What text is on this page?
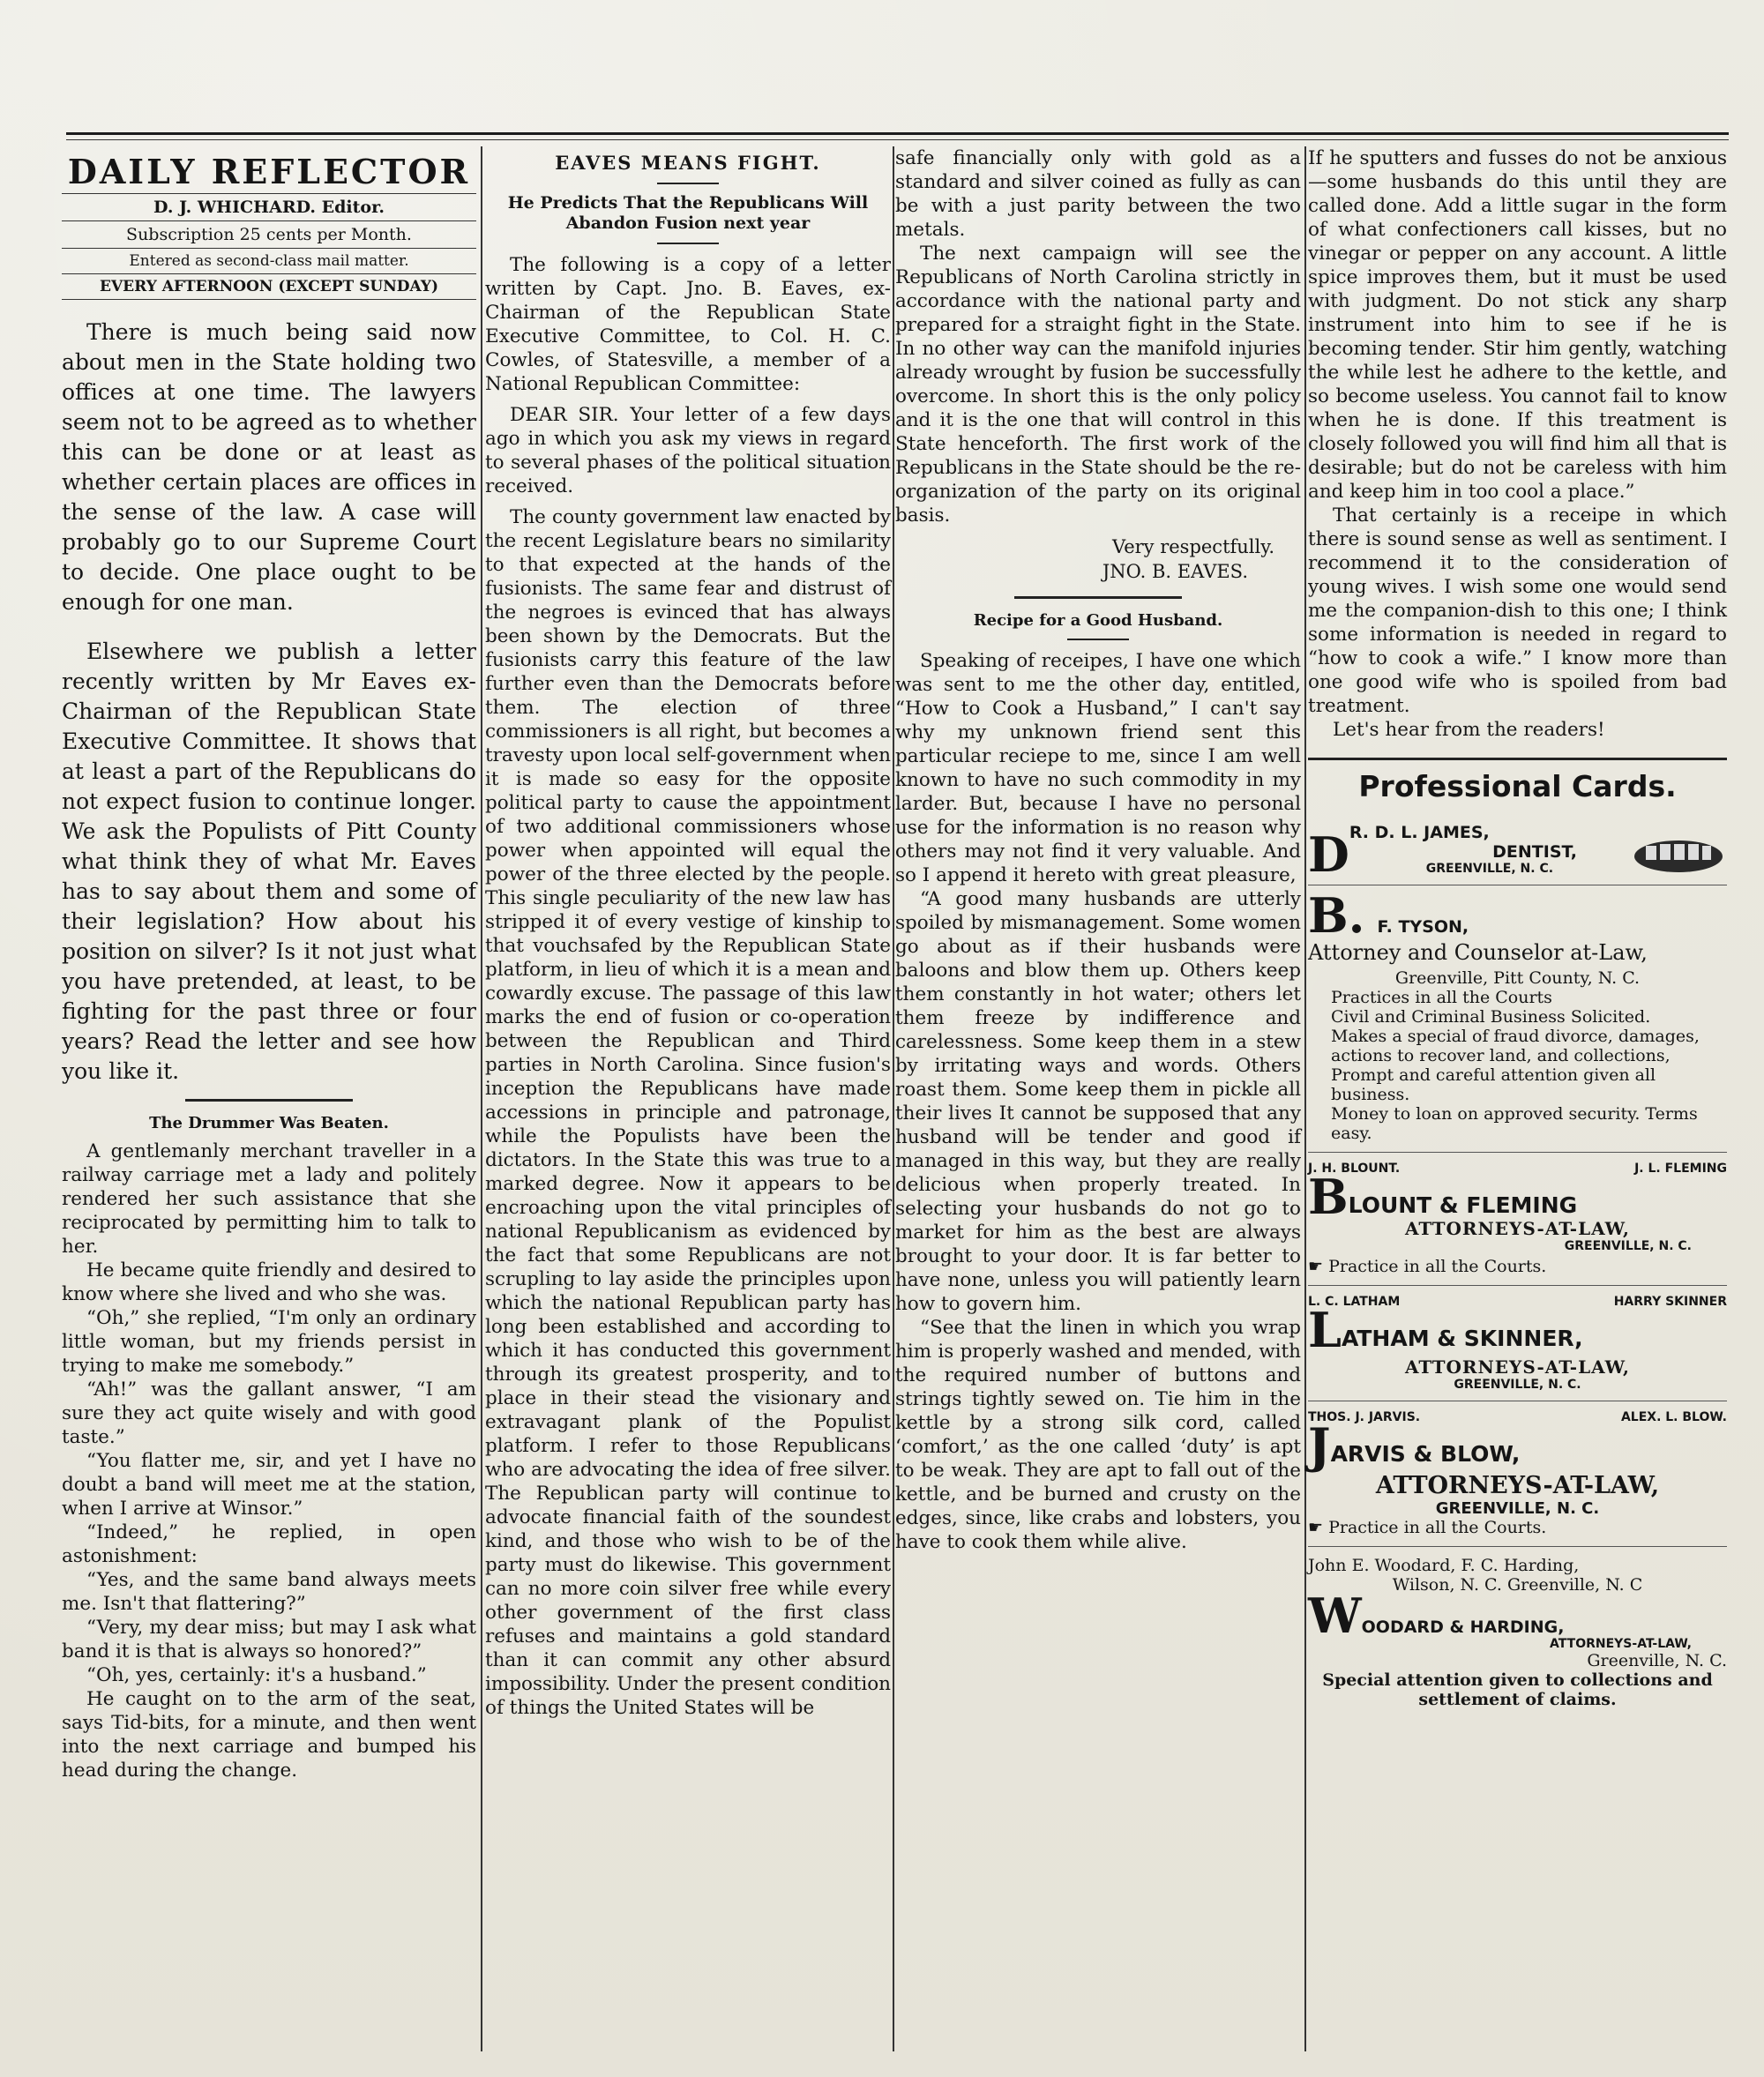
DAILY REFLECTOR
D. J. WHICHARD. Editor.
Subscription 25 cents per Month.
Entered as second-class mail matter.
EVERY AFTERNOON (EXCEPT SUNDAY)

There is much being said now about men in the State holding two offices at one time. The lawyers seem not to be agreed as to whether this can be done or at least as whether certain places are offices in the sense of the law. A case will probably go to our Supreme Court to decide. One place ought to be enough for one man.

Elsewhere we publish a letter recently written by Mr Eaves ex-Chairman of the Republican State Executive Committee. It shows that at least a part of the Republicans do not expect fusion to continue longer. We ask the Populists of Pitt County what think they of what Mr. Eaves has to say about them and some of their legislation? How about his position on silver? Is it not just what you have pretended, at least, to be fighting for the past three or four years? Read the letter and see how you like it.

The Drummer Was Beaten.

A gentlemanly merchant traveller in a railway carriage met a lady and politely rendered her such assistance that she reciprocated by permitting him to talk to her.

He became quite friendly and desired to know where she lived and who she was.

“Oh,” she replied, “I'm only an ordinary little woman, but my friends persist in trying to make me somebody.”

“Ah!” was the gallant answer, “I am sure they act quite wisely and with good taste.”

“You flatter me, sir, and yet I have no doubt a band will meet me at the station, when I arrive at Winsor.”

“Indeed,” he replied, in open astonishment:

“Yes, and the same band always meets me. Isn't that flattering?”

“Very, my dear miss; but may I ask what band it is that is always so honored?”

“Oh, yes, certainly: it's a husband.”

He caught on to the arm of the seat, says Tid-bits, for a minute, and then went into the next carriage and bumped his head during the change.

EAVES MEANS FIGHT.
He Predicts That the Republicans Will Abandon Fusion next year

The following is a copy of a letter written by Capt. Jno. B. Eaves, ex-Chairman of the Republican State Executive Committee, to Col. H. C. Cowles, of Statesville, a member of a National Republican Committee:

DEAR SIR. Your letter of a few days ago in which you ask my views in regard to several phases of the political situation received.

The county government law enacted by the recent Legislature bears no similarity to that expected at the hands of the fusionists. The same fear and distrust of the negroes is evinced that has always been shown by the Democrats. But the fusionists carry this feature of the law further even than the Democrats before them. The election of three commissioners is all right, but becomes a travesty upon local self-government when it is made so easy for the opposite political party to cause the appointment of two additional commissioners whose power when appointed will equal the power of the three elected by the people. This single peculiarity of the new law has stripped it of every vestige of kinship to that vouchsafed by the Republican State platform, in lieu of which it is a mean and cowardly excuse. The passage of this law marks the end of fusion or co-operation between the Republican and Third parties in North Carolina. Since fusion's inception the Republicans have made accessions in principle and patronage, while the Populists have been the dictators. In the State this was true to a marked degree. Now it appears to be encroaching upon the vital principles of national Republicanism as evidenced by the fact that some Republicans are not scrupling to lay aside the principles upon which the national Republican party has long been established and according to which it has conducted this government through its greatest prosperity, and to place in their stead the visionary and extravagant plank of the Populist platform. I refer to those Republicans who are advocating the idea of free silver. The Republican party will continue to advocate financial faith of the soundest kind, and those who wish to be of the party must do likewise. This government can no more coin silver free while every other government of the first class refuses and maintains a gold standard than it can commit any other absurd impossibility. Under the present condition of things the United States will be

safe financially only with gold as a standard and silver coined as fully as can be with a just parity between the two metals.

The next campaign will see the Republicans of North Carolina strictly in accordance with the national party and prepared for a straight fight in the State. In no other way can the manifold injuries already wrought by fusion be successfully overcome. In short this is the only policy and it is the one that will control in this State henceforth. The first work of the Republicans in the State should be the re-organization of the party on its original basis.

Very respectfully.
JNO. B. EAVES.
Recipe for a Good Husband.

Speaking of receipes, I have one which was sent to me the other day, entitled, “How to Cook a Husband,” I can't say why my unknown friend sent this particular reciepe to me, since I am well known to have no such commodity in my larder. But, because I have no personal use for the information is no reason why others may not find it very valuable. And so I append it hereto with great pleasure,

“A good many husbands are utterly spoiled by mismanagement. Some women go about as if their husbands were baloons and blow them up. Others keep them constantly in hot water; others let them freeze by indifference and carelessness. Some keep them in a stew by irritating ways and words. Others roast them. Some keep them in pickle all their lives It cannot be supposed that any husband will be tender and good if managed in this way, but they are really delicious when properly treated. In selecting your husbands do not go to market for him as the best are always brought to your door. It is far better to have none, unless you will patiently learn how to govern him.

“See that the linen in which you wrap him is properly washed and mended, with the required number of buttons and strings tightly sewed on. Tie him in the kettle by a strong silk cord, called ‘comfort,’ as the one called ‘duty’ is apt to be weak. They are apt to fall out of the kettle, and be burned and crusty on the edges, since, like crabs and lobsters, you have to cook them while alive.

If he sputters and fusses do not be anxious—some husbands do this until they are called done. Add a little sugar in the form of what confectioners call kisses, but no vinegar or pepper on any account. A little spice improves them, but it must be used with judgment. Do not stick any sharp instrument into him to see if he is becoming tender. Stir him gently, watching the while lest he adhere to the kettle, and so become useless. You cannot fail to know when he is done. If this treatment is closely followed you will find him all that is desirable; but do not be careless with him and keep him in too cool a place.”

That certainly is a receipe in which there is sound sense as well as sentiment. I recommend it to the consideration of young wives. I wish some one would send me the companion-dish to this one; I think some information is needed in regard to “how to cook a wife.” I know more than one good wife who is spoiled from bad treatment.

Let's hear from the readers!

Professional Cards.
D R. D. L. JAMES,
DENTIST,
GREENVILLE, N. C.
B. F. TYSON,
Attorney and Counselor at-Law,
Greenville, Pitt County, N. C.
Practices in all the Courts
Civil and Criminal Business Solicited.
Makes a special of fraud divorce, damages, actions to recover land, and collections,
Prompt and careful attention given all business.
Money to loan on approved security. Terms easy.
J. H. BLOUNT.	J. L. FLEMING
B LOUNT & FLEMING
ATTORNEYS-AT-LAW,
GREENVILLE, N. C.
☛ Practice in all the Courts.
L. C. LATHAM	HARRY SKINNER
L ATHAM & SKINNER,
ATTORNEYS-AT-LAW,
GREENVILLE, N. C.
THOS. J. JARVIS.	ALEX. L. BLOW.
J ARVIS & BLOW,
ATTORNEYS-AT-LAW,
GREENVILLE, N. C.
☛ Practice in all the Courts.
John E. Woodard, F. C. Harding,
Wilson, N. C. Greenville, N. C
W OODARD & HARDING,
ATTORNEYS-AT-LAW,
Greenville, N. C.
Special attention given to collections and settlement of claims.
